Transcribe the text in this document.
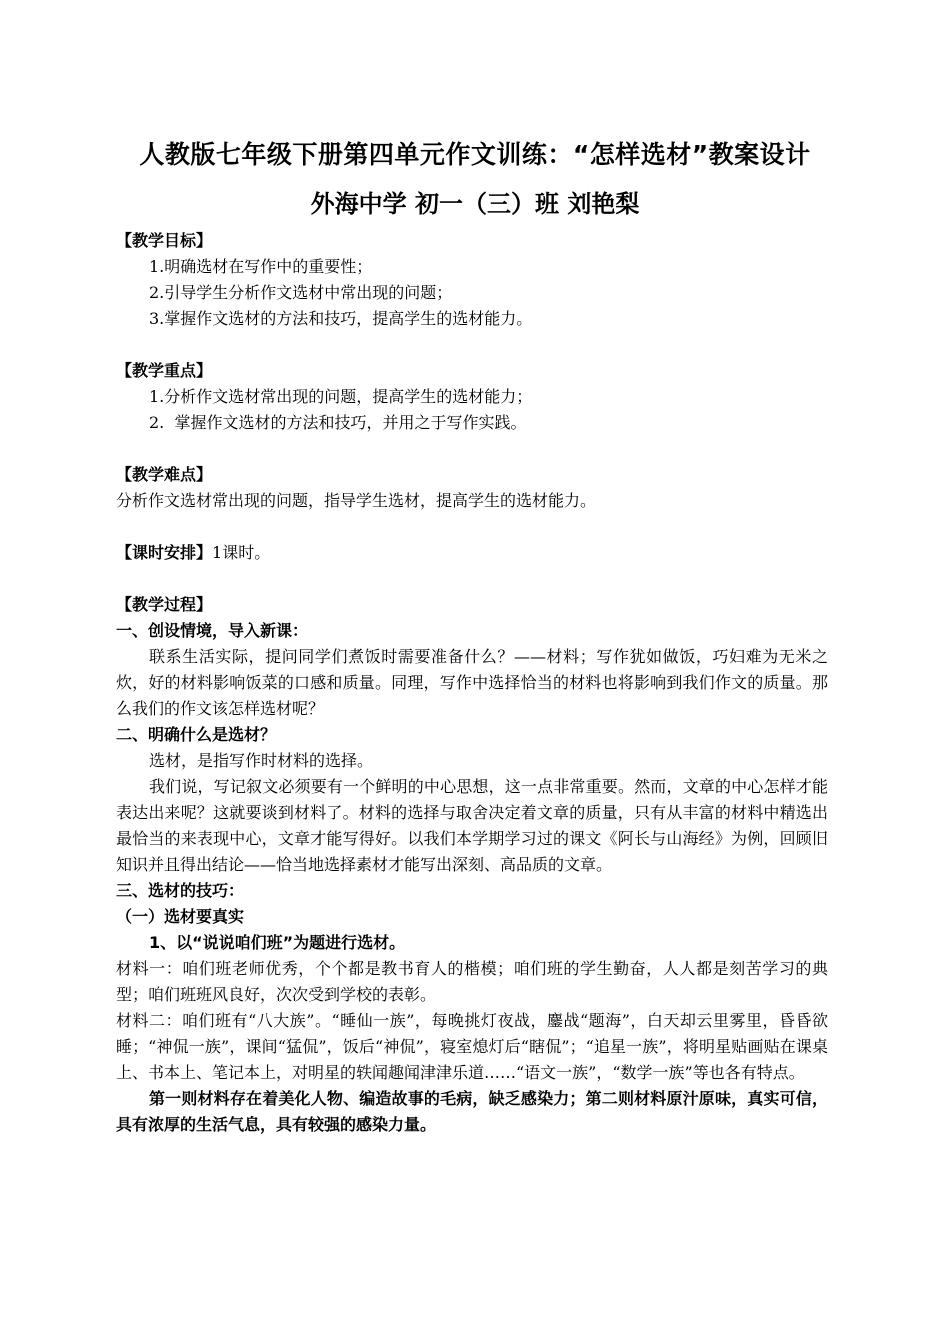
人教版七年级下册第四单元作文训练：“怎样选材”教案设计
外海中学 初一（三）班 刘艳梨

【教学目标】

1.明确选材在写作中的重要性；

2.引导学生分析作文选材中常出现的问题；

3.掌握作文选材的方法和技巧，提高学生的选材能力。

【教学重点】

1.分析作文选材常出现的问题，提高学生的选材能力；

2.  掌握作文选材的方法和技巧，并用之于写作实践。

【教学难点】

分析作文选材常出现的问题，指导学生选材，提高学生的选材能力。

【课时安排】1课时。

【教学过程】

一、创设情境，导入新课：

联系生活实际，提问同学们煮饭时需要准备什么？——材料；写作犹如做饭，巧妇难为无米之炊，好的材料影响饭菜的口感和质量。同理，写作中选择恰当的材料也将影响到我们作文的质量。那么我们的作文该怎样选材呢？

二、明确什么是选材？

选材，是指写作时材料的选择。

我们说，写记叙文必须要有一个鲜明的中心思想，这一点非常重要。然而，文章的中心怎样才能表达出来呢？这就要谈到材料了。材料的选择与取舍决定着文章的质量，只有从丰富的材料中精选出最恰当的来表现中心，文章才能写得好。以我们本学期学习过的课文《阿长与山海经》为例，回顾旧知识并且得出结论——恰当地选择素材才能写出深刻、高品质的文章。

三、选材的技巧：

（一）选材要真实

1、以“说说咱们班”为题进行选材。

材料一：咱们班老师优秀，个个都是教书育人的楷模；咱们班的学生勤奋，人人都是刻苦学习的典型；咱们班班风良好，次次受到学校的表彰。

材料二：咱们班有“八大族”。“睡仙一族”，每晚挑灯夜战，鏖战“题海”，白天却云里雾里，昏昏欲睡；“神侃一族”，课间“猛侃”，饭后“神侃”，寝室熄灯后“瞎侃”；“追星一族”，将明星贴画贴在课桌上、书本上、笔记本上，对明星的轶闻趣闻津津乐道……“语文一族”，“数学一族”等也各有特点。

第一则材料存在着美化人物、编造故事的毛病，缺乏感染力；第二则材料原汁原味，真实可信，具有浓厚的生活气息，具有较强的感染力量。
